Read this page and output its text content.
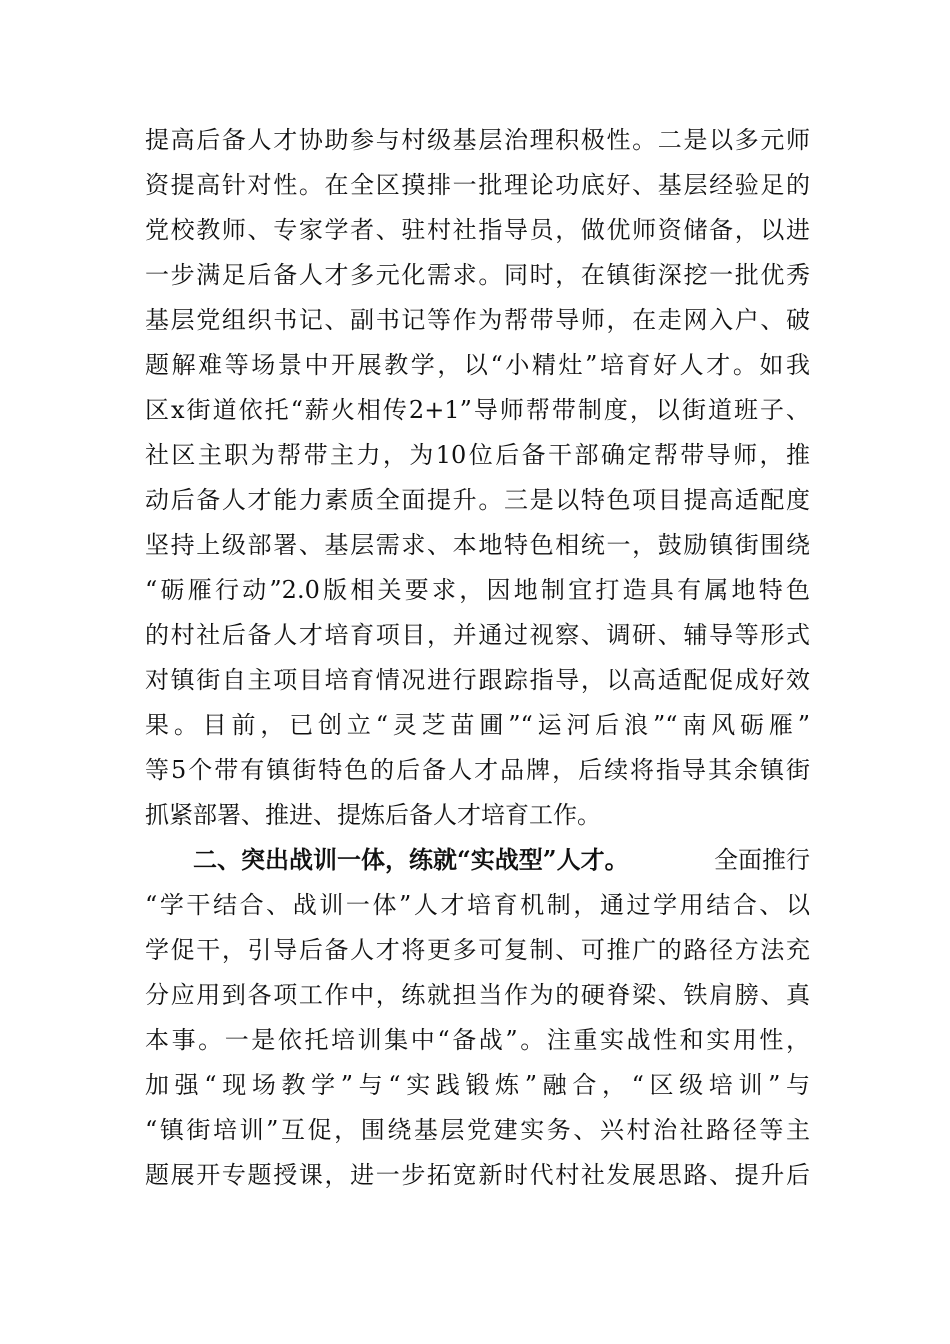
提高后备人才协助参与村级基层治理积极性。二是以多元师
资提高针对性。在全区摸排一批理论功底好、基层经验足的
党校教师、专家学者、驻村社指导员，做优师资储备，以进
一步满足后备人才多元化需求。同时，在镇街深挖一批优秀
基层党组织书记、副书记等作为帮带导师，在走网入户、破
题解难等场景中开展教学，以“小精灶”培育好人才。如我
区x街道依托“薪火相传2+1”导师帮带制度，以街道班子、
社区主职为帮带主力，为10位后备干部确定帮带导师，推
动后备人才能力素质全面提升。三是以特色项目提高适配度
坚持上级部署、基层需求、本地特色相统一，鼓励镇街围绕
“砺雁行动”2.0版相关要求，因地制宜打造具有属地特色
的村社后备人才培育项目，并通过视察、调研、辅导等形式
对镇街自主项目培育情况进行跟踪指导，以高适配促成好效
果。目前，已创立“灵芝苗圃”“运河后浪”“南风砺雁”
等5个带有镇街特色的后备人才品牌，后续将指导其余镇街
抓紧部署、推进、提炼后备人才培育工作。
二、突出战训一体，练就“实战型”人才。	全面推行
“学干结合、战训一体”人才培育机制，通过学用结合、以
学促干，引导后备人才将更多可复制、可推广的路径方法充
分应用到各项工作中，练就担当作为的硬脊梁、铁肩膀、真
本事。一是依托培训集中“备战”。注重实战性和实用性，
加强“现场教学”与“实践锻炼”融合，“区级培训”与
“镇街培训”互促，围绕基层党建实务、兴村治社路径等主
题展开专题授课，进一步拓宽新时代村社发展思路、提升后
